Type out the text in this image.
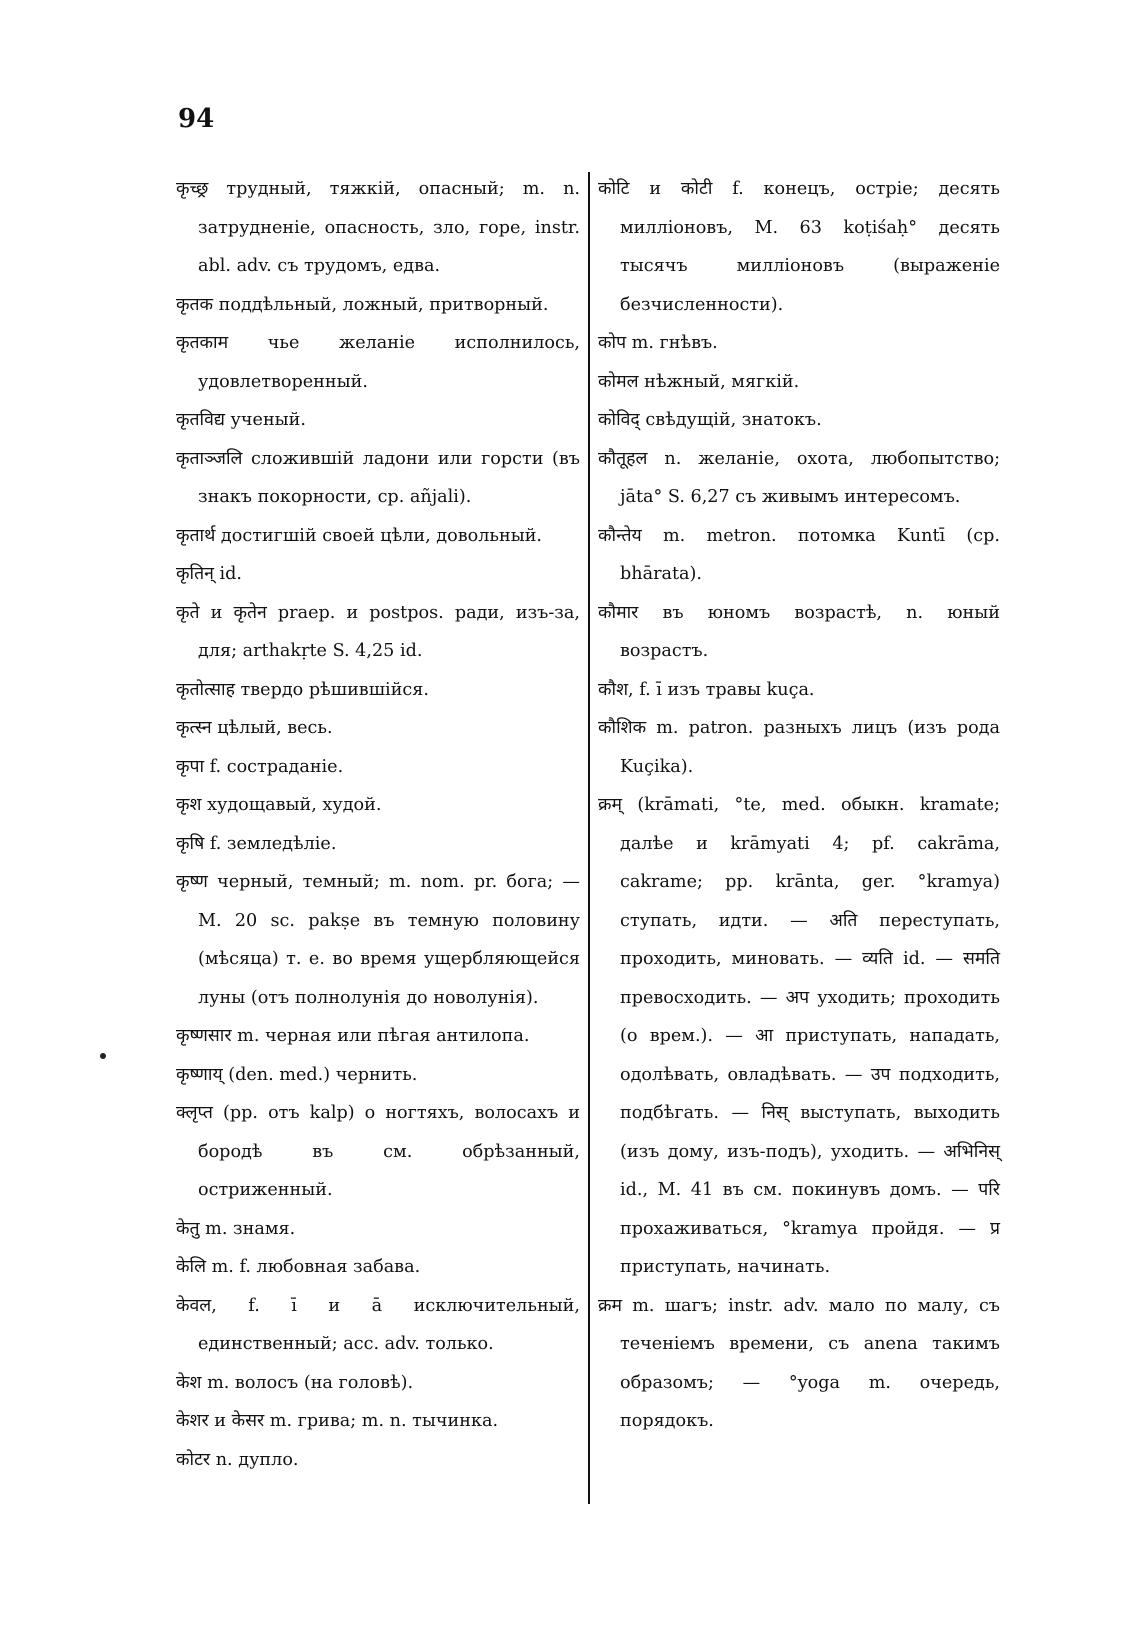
94

कृच्छ्र трудный, тяжкій, опасный; m. n. затрудненіе, опасность, зло, горе, instr. abl. adv. съ трудомъ, едва.

कृतक поддѣльный, ложный, притворный.

कृतकाम чье желаніе исполнилось, удовлетворенный.

कृतविद्य ученый.

कृताञ्जलि сложившій ладони или горсти (въ знакъ покорности, ср. añjali).

कृतार्थ достигшій своей цѣли, довольный.

कृतिन् id.

कृते и कृतेन praep. и postpos. ради, изъ-за, для; arthakṛte S. 4,25 id.

कृतोत्साह твердо рѣшившійся.

कृत्स्न цѣлый, весь.

कृपा f. состраданіе.

कृश худощавый, худой.

कृषि f. земледѣліе.

कृष्ण черный, темный; m. nom. pr. бога; — M. 20 sc. pakṣe въ темную половину (мѣсяца) т. е. во время ущербляющейся луны (отъ полнолунія до новолунія).

कृष्णसार m. черная или пѣгая антилопа.

कृष्णाय् (den. med.) чернить.

क्लृप्त (pp. отъ kalp) о ногтяхъ, волосахъ и бородѣ въ см. обрѣзанный, остриженный.

केतु m. знамя.

केलि m. f. любовная забава.

केवल, f. ī и ā исключительный, единственный; acc. adv. только.

केश m. волосъ (на головѣ).

केशर и केसर m. грива; m. n. тычинка.

कोटर n. дупло.

कोटि и कोटी f. конецъ, остріе; десять милліоновъ, M. 63 koṭiśaḥ° десять тысячъ милліоновъ (выраженіе безчисленности).

कोप m. гнѣвъ.

कोमल нѣжный, мягкій.

कोविद् свѣдущій, знатокъ.

कौतूहल n. желаніе, охота, любопытство; jāta° S. 6,27 съ живымъ интересомъ.

कौन्तेय m. metron. потомка Kuntī (ср. bhārata).

कौमार въ юномъ возрастѣ, n. юный возрастъ.

कौश, f. ī изъ травы kuça.

कौशिक m. patron. разныхъ лицъ (изъ рода Kuçika).

क्रम् (krāmati, °te, med. обыкн. kramate; далѣе и krāmyati 4; pf. cakrāma, cakrame; pp. krānta, ger. °kramya) ступать, идти. — अति переступать, проходить, миновать. — व्यति id. — समति превосходить. — अप уходить; проходить (о врем.). — आ приступать, нападать, одолѣвать, овладѣвать. — उप подходить, подбѣгать. — निस् выступать, выходить (изъ дому, изъ-подъ), уходить. — अभिनिस् id., M. 41 въ см. покинувъ домъ. — परि прохаживаться, °kramya пройдя. — प्र приступать, начинать.

क्रम m. шагъ; instr. adv. мало по малу, съ теченіемъ времени, съ anena такимъ образомъ; — °yoga m. очередь, порядокъ.
